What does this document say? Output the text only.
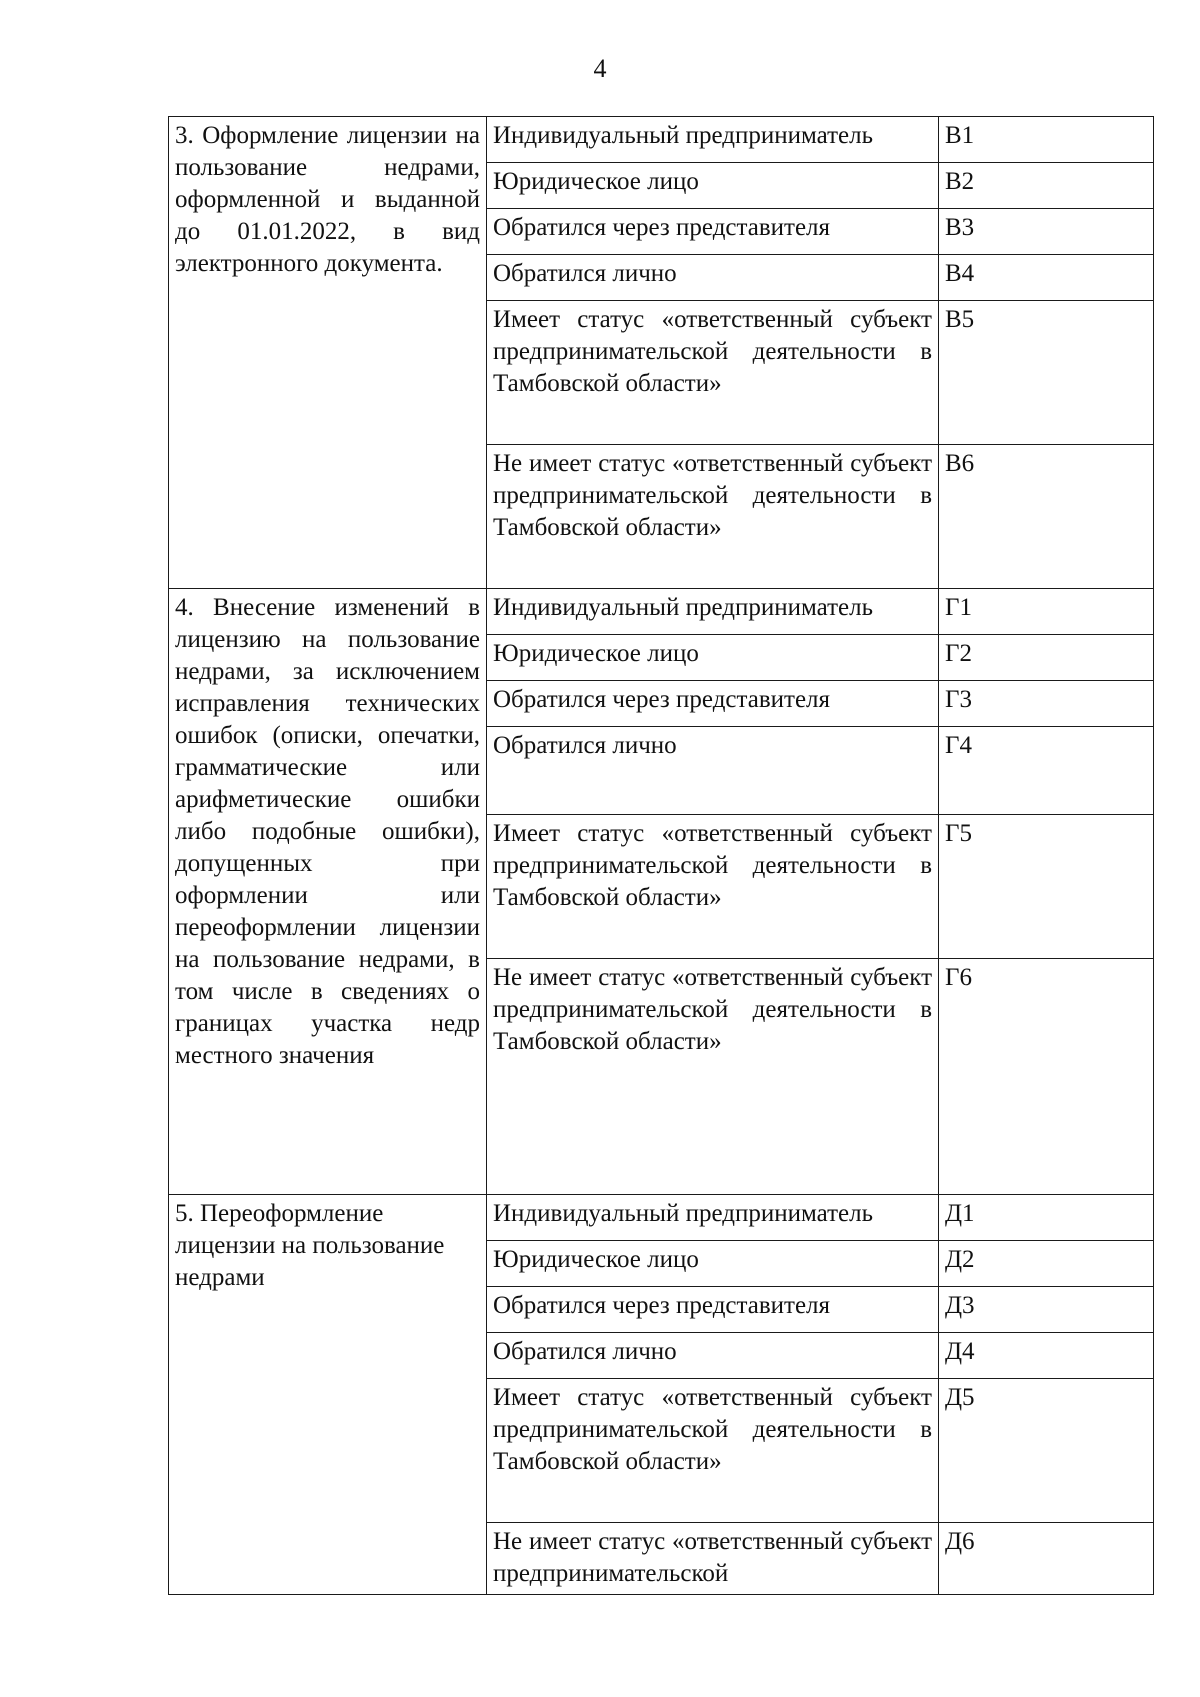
4
3. Оформление лицензии на пользование недрами, оформленной и выданной до 01.01.2022, в вид электронного документа.	Индивидуальный предприниматель	В1
	Юридическое лицо	В2
	Обратился через представителя	В3
	Обратился лично	В4
	Имеет статус «ответственный субъект предпринимательской деятельности в Тамбовской области»	В5
	Не имеет статус «ответственный субъект предпринимательской деятельности в Тамбовской области»	В6
4. Внесение изменений в лицензию на пользование недрами, за исключением исправления технических ошибок (описки, опечатки, грамматические или арифметические ошибки либо подобные ошибки), допущенных при оформлении или переоформлении лицензии на пользование недрами, в том числе в сведениях о границах участка недр местного значения	Индивидуальный предприниматель	Г1
	Юридическое лицо	Г2
	Обратился через представителя	Г3
	Обратился лично	Г4
	Имеет статус «ответственный субъект предпринимательской деятельности в Тамбовской области»	Г5
	Не имеет статус «ответственный субъект предпринимательской деятельности в Тамбовской области»	Г6
5. Переоформление лицензии на пользование недрами	Индивидуальный предприниматель	Д1
	Юридическое лицо	Д2
	Обратился через представителя	Д3
	Обратился лично	Д4
	Имеет статус «ответственный субъект предпринимательской деятельности в Тамбовской области»	Д5
	Не имеет статус «ответственный субъект предпринимательской	Д6
